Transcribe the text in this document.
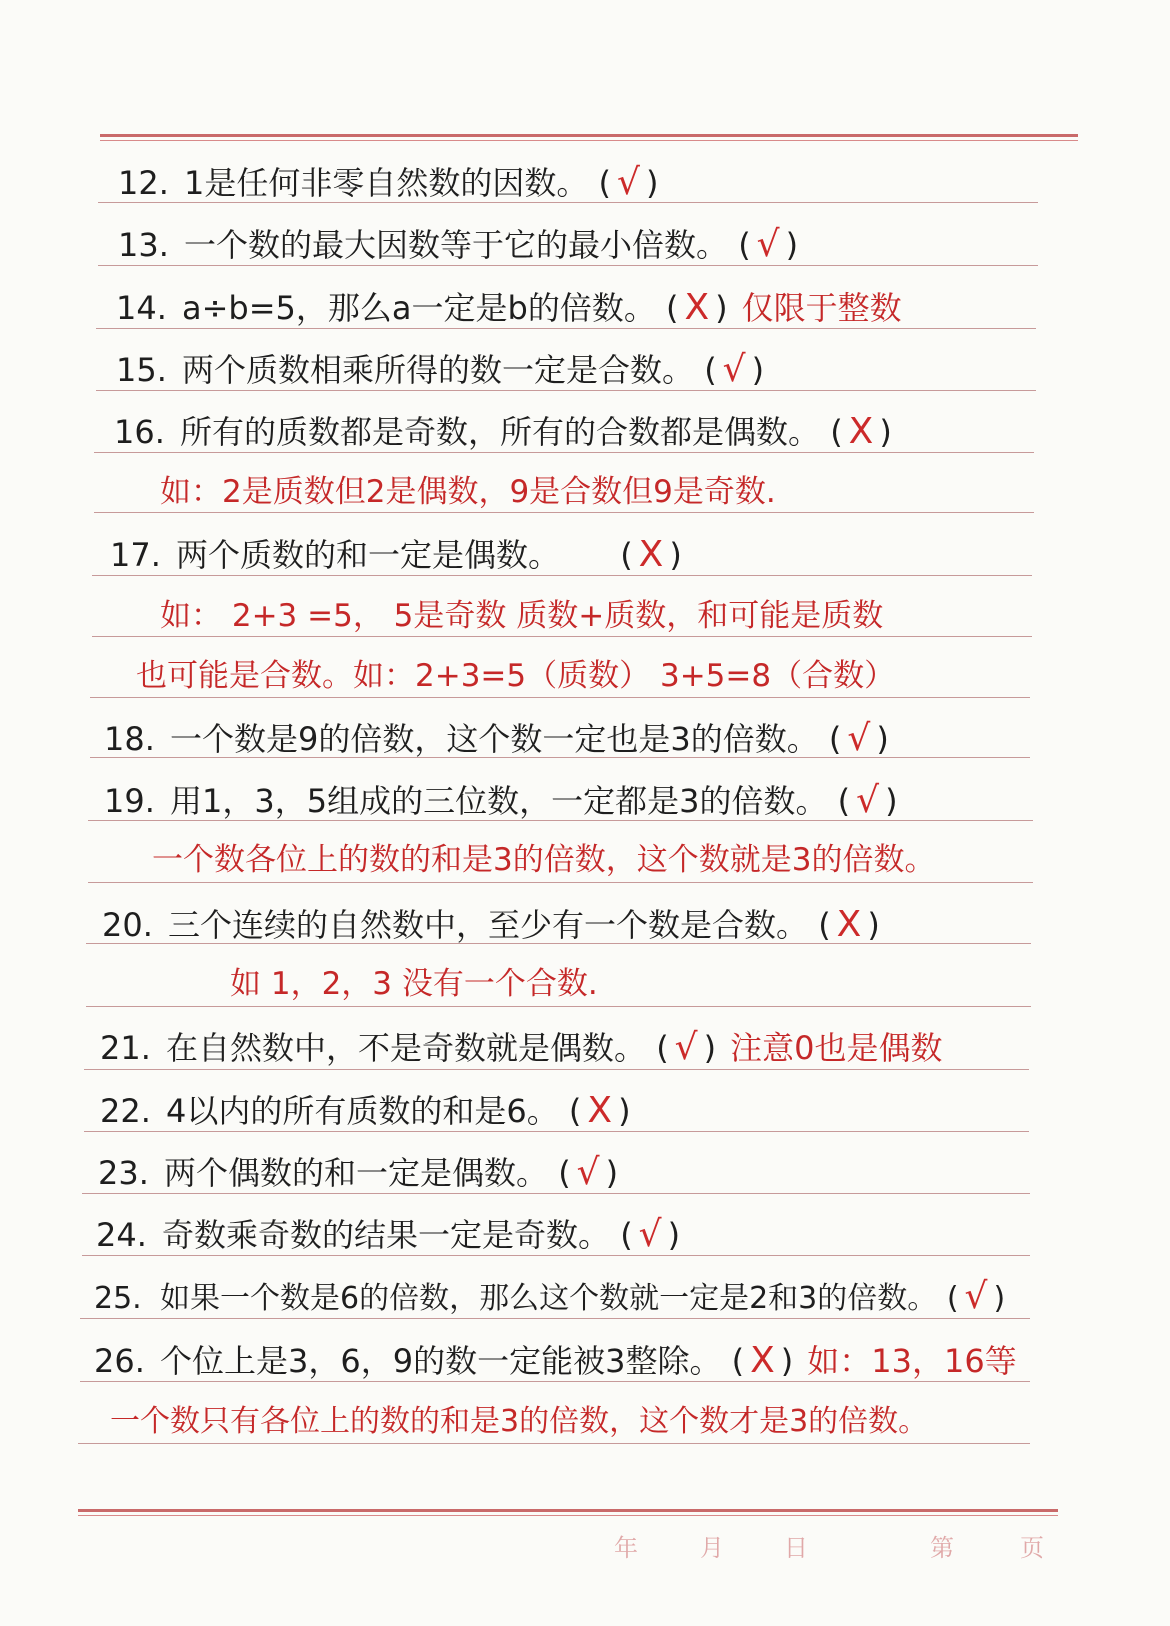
12. 1是任何非零自然数的因数。 ( √ )
13. 一个数的最大因数等于它的最小倍数。 ( √ )
14. a÷b=5，那么a一定是b的倍数。 ( X ) 仅限于整数
15. 两个质数相乘所得的数一定是合数。 ( √ )
16. 所有的质数都是奇数，所有的合数都是偶数。 ( X )
如：2是质数但2是偶数，9是合数但9是奇数.
17. 两个质数的和一定是偶数。 ( X )
如： 2+3 =5， 5是奇数 质数+质数，和可能是质数
也可能是合数。如：2+3=5（质数） 3+5=8（合数）
18. 一个数是9的倍数，这个数一定也是3的倍数。 ( √ )
19. 用1，3，5组成的三位数，一定都是3的倍数。 ( √ )
一个数各位上的数的和是3的倍数，这个数就是3的倍数。
20. 三个连续的自然数中，至少有一个数是合数。 ( X )
如 1，2，3 没有一个合数.
21. 在自然数中，不是奇数就是偶数。 ( √ ) 注意0也是偶数
22. 4以内的所有质数的和是6。 ( X )
23. 两个偶数的和一定是偶数。 ( √ )
24. 奇数乘奇数的结果一定是奇数。 ( √ )
25. 如果一个数是6的倍数，那么这个数就一定是2和3的倍数。 ( √ )
26. 个位上是3，6，9的数一定能被3整除。 ( X ) 如：13，16等
一个数只有各位上的数的和是3的倍数，这个数才是3的倍数。
年	月	日	第	页
